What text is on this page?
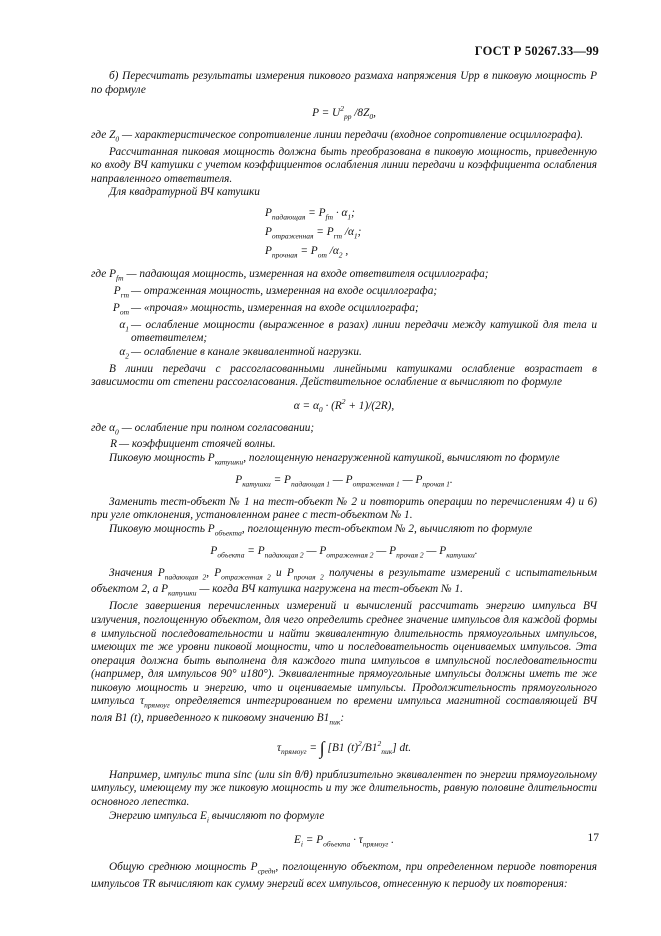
ГОСТ Р 50267.33—99

б) Пересчитать результаты измерения пикового размаха напряжения Upp в пиковую мощность P по формуле

$P = U^2_{pp}$ $/8Z_0$,

где $Z_0$ — характеристическое сопротивление линии передачи (входное сопротивление осциллографа).

Рассчитанная пиковая мощность должна быть преобразована в пиковую мощность, приведенную ко входу ВЧ катушки с учетом коэффициентов ослабления линии передачи и коэффициента ослабления направленного ответвителя.

Для квадратурной ВЧ катушки

$P_{падающая} = P_{fm} \cdot \alpha_1$;
$P_{отраженная} = P_{rm}$ $/\alpha_1$;
$P_{прочная} = P_{om}$ $/\alpha_2$ ,
где $P_{fm}$ — падающая мощность, измеренная на входе ответвителя осциллографа;
$P_{rm}$ — отраженная мощность, измеренная на входе осциллографа;
$P_{om}$ — «прочая» мощность, измеренная на входе осциллографа;
$\alpha_1$ — ослабление мощности (выраженное в разах) линии передачи между катушкой для тела и ответвителем;
$\alpha_2$ — ослабление в канале эквивалентной нагрузки.

В линии передачи с рассогласованными линейными катушками ослабление возрастает в зависимости от степени рассогласования. Действительное ослабление α вычисляют по формуле

$\alpha = \alpha_0 \cdot (R^2 + 1)/(2R)$,
где $\alpha_0$ — ослабление при полном согласовании;
R — коэффициент стоячей волны.

Пиковую мощность $P_{катушки}$, поглощенную ненагруженной катушкой, вычисляют по формуле

$P_{катушки} = P_{падающая 1}$ — $P_{отраженная 1}$ — $P_{прочая 1}$.

Заменить тест-объект № 1 на тест-объект № 2 и повторить операции по перечислениям 4) и 6) при угле отклонения, установленном ранее с тест-объектом № 1.

Пиковую мощность $P_{объекта}$, поглощенную тест-объектом № 2, вычисляют по формуле

$P_{объекта} = P_{падающая 2}$ — $P_{отраженная 2}$ — $P_{прочая 2}$ — $P_{катушки}$.

Значения $P_{падающая 2}$, $P_{отраженная 2}$ и $P_{прочая 2}$ получены в результате измерений с испытательным объектом 2, а $P_{катушки}$ — когда ВЧ катушка нагружена на тест-объект № 1.

После завершения перечисленных измерений и вычислений рассчитать энергию импульса ВЧ излучения, поглощенную объектом, для чего определить среднее значение импульсов для каждой формы в импульсной последовательности и найти эквивалентную длительность прямоугольных импульсов, имеющих те же уровни пиковой мощности, что и последовательность оцениваемых импульсов. Эта операция должна быть выполнена для каждого типа импульсов в импульсной последовательности (например, для импульсов 90° и180°). Эквивалентные прямоугольные импульсы должны иметь те же пиковую мощность и энергию, что и оцениваемые импульсы. Продолжительность прямоугольного импульса $\tau_{прямоуг}$ определяется интегрированием по времени импульса магнитной составляющей ВЧ поля B1 (t), приведенного к пиковому значению $B1_{пик}$:

$\tau_{прямоуг}$ = ∫ [B1 $(t)^2/B1^2_{пик}$] dt.

Например, импульс типа sinc (или sin θ/θ) приблизительно эквивалентен по энергии прямоугольному импульсу, имеющему ту же пиковую мощность и ту же длительность, равную половине длительности основного лепестка.

Энергию импульса $E_i$ вычисляют по формуле

$E_i = P_{объекта} \cdot \tau_{прямоуг}$ .

Общую среднюю мощность $P_{средн}$, поглощенную объектом, при определенном периоде повторения импульсов TR вычисляют как сумму энергий всех импульсов, отнесенную к периоду их повторения:

17
